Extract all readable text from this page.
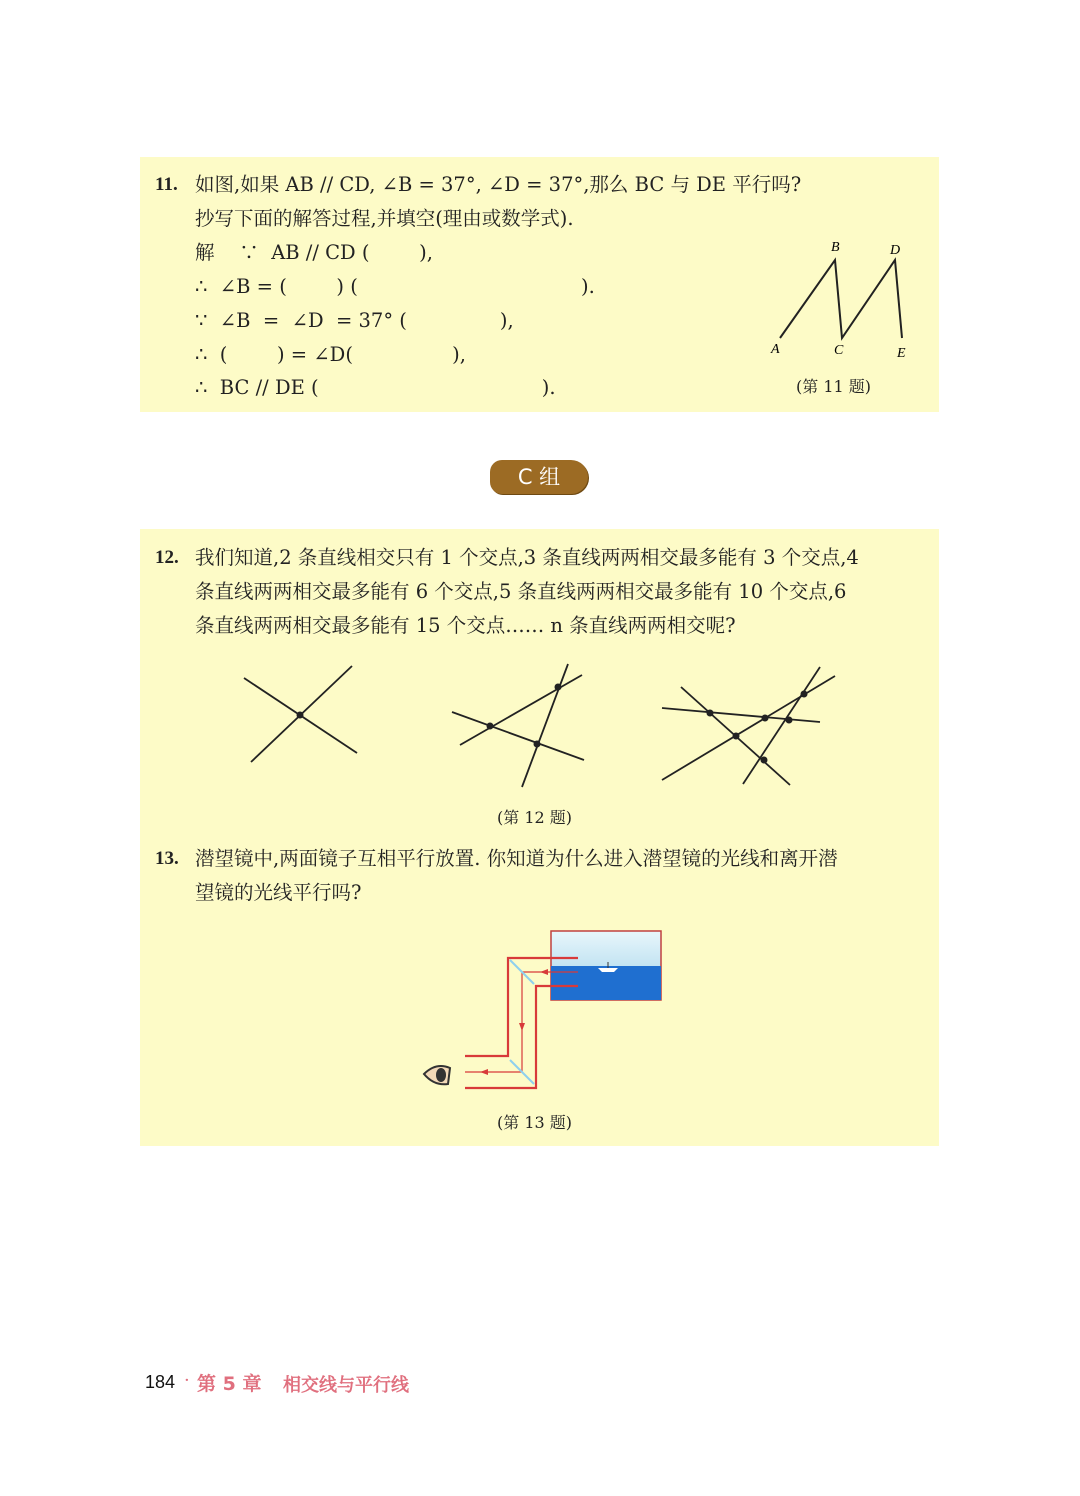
11. 如图,如果 AB // CD, ∠B = 37°, ∠D = 37°,那么 BC 与 DE 平行吗?
抄写下面的解答过程,并填空(理由或数学式).
解    ∵  AB // CD (        ),
∴  ∠B = (        ) (                                    ).
∵  ∠B  =  ∠D  = 37° (               ),
∴  (        ) = ∠D(                ),
∴  BC // DE (                                    ).
A
B
C
D
E
(第 11 题)
C 组
12. 我们知道,2 条直线相交只有 1 个交点,3 条直线两两相交最多能有 3 个交点,4
条直线两两相交最多能有 6 个交点,5 条直线两两相交最多能有 10 个交点,6
条直线两两相交最多能有 15 个交点…… n 条直线两两相交呢?
(第 12 题)
13. 潜望镜中,两面镜子互相平行放置. 你知道为什么进入潜望镜的光线和离开潜
望镜的光线平行吗?
(第 13 题)
184 · 第 5 章 相交线与平行线
